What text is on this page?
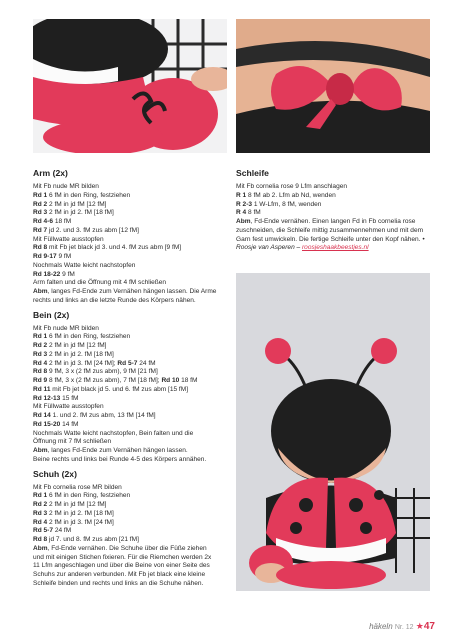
Arm (2x)

Mit Fb nude MR bilden

Rd 1 6 fM in den Ring, festziehen

Rd 2 2 fM in jd fM [12 fM]

Rd 3 2 fM in jd 2. fM [18 fM]

Rd 4-6 18 fM

Rd 7 jd 2. und 3. fM zus abm [12 fM]

Mit Füllwatte ausstopfen

Rd 8 mit Fb jet black jd 3. und 4. fM zus abm [9 fM]

Rd 9-17 9 fM

Nochmals Watte leicht nachstopfen

Rd 18-22 9 fM

Arm falten und die Öffnung mit 4 fM schließen

Abm, langes Fd-Ende zum Vernähen hängen lassen. Die Arme

rechts und links an die letzte Runde des Körpers nähen.

Bein (2x)

Mit Fb nude MR bilden

Rd 1 6 fM in den Ring, festziehen

Rd 2 2 fM in jd fM [12 fM]

Rd 3 2 fM in jd 2. fM [18 fM]

Rd 4 2 fM in jd 3. fM [24 fM]; Rd 5-7 24 fM

Rd 8 9 fM, 3 x (2 fM zus abm), 9 fM [21 fM]

Rd 9 8 fM, 3 x (2 fM zus abm), 7 fM [18 fM]; Rd 10 18 fM

Rd 11 mit Fb jet black jd 5. und 6. fM zus abm [15 fM]

Rd 12-13 15 fM

Mit Füllwatte ausstopfen

Rd 14 1. und 2. fM zus abm, 13 fM [14 fM]

Rd 15-20 14 fM

Nochmals Watte leicht nachstopfen, Bein falten und die

Öffnung mit 7 fM schließen

Abm, langes Fd-Ende zum Vernähen hängen lassen.

Beine rechts und links bei Runde 4-5 des Körpers annähen.

Schuh (2x)

Mit Fb cornelia rose MR bilden

Rd 1 6 fM in den Ring, festziehen

Rd 2 2 fM in jd fM [12 fM]

Rd 3 2 fM in jd 2. fM [18 fM]

Rd 4 2 fM in jd 3. fM [24 fM]

Rd 5-7 24 fM

Rd 8 jd 7. und 8. fM zus abm [21 fM]

Abm, Fd-Ende vernähen. Die Schuhe über die Füße ziehen

und mit einigen Stichen fixieren. Für die Riemchen werden 2x

11 Lfm angeschlagen und über die Beine von einer Seite des

Schuhs zur anderen verbunden. Mit Fb jet black eine kleine

Schleife binden und rechts und links an die Schuhe nähen.

Schleife

Mit Fb cornelia rose 9 Lfm anschlagen

R 1 8 fM ab 2. Lfm ab Nd, wenden

R 2-3 1 W-Lfm, 8 fM, wenden

R 4 8 fM

Abm, Fd-Ende vernähen. Einen langen Fd in Fb cornelia rose zuschneiden, die Schleife mittig zusammennehmen und mit dem Garn fest umwickeln. Die fertige Schleife unter den Kopf nähen. • Roosje van Asperen – roosjeshaakbeestjes.nl

häkeln Nr. 12 ★47
